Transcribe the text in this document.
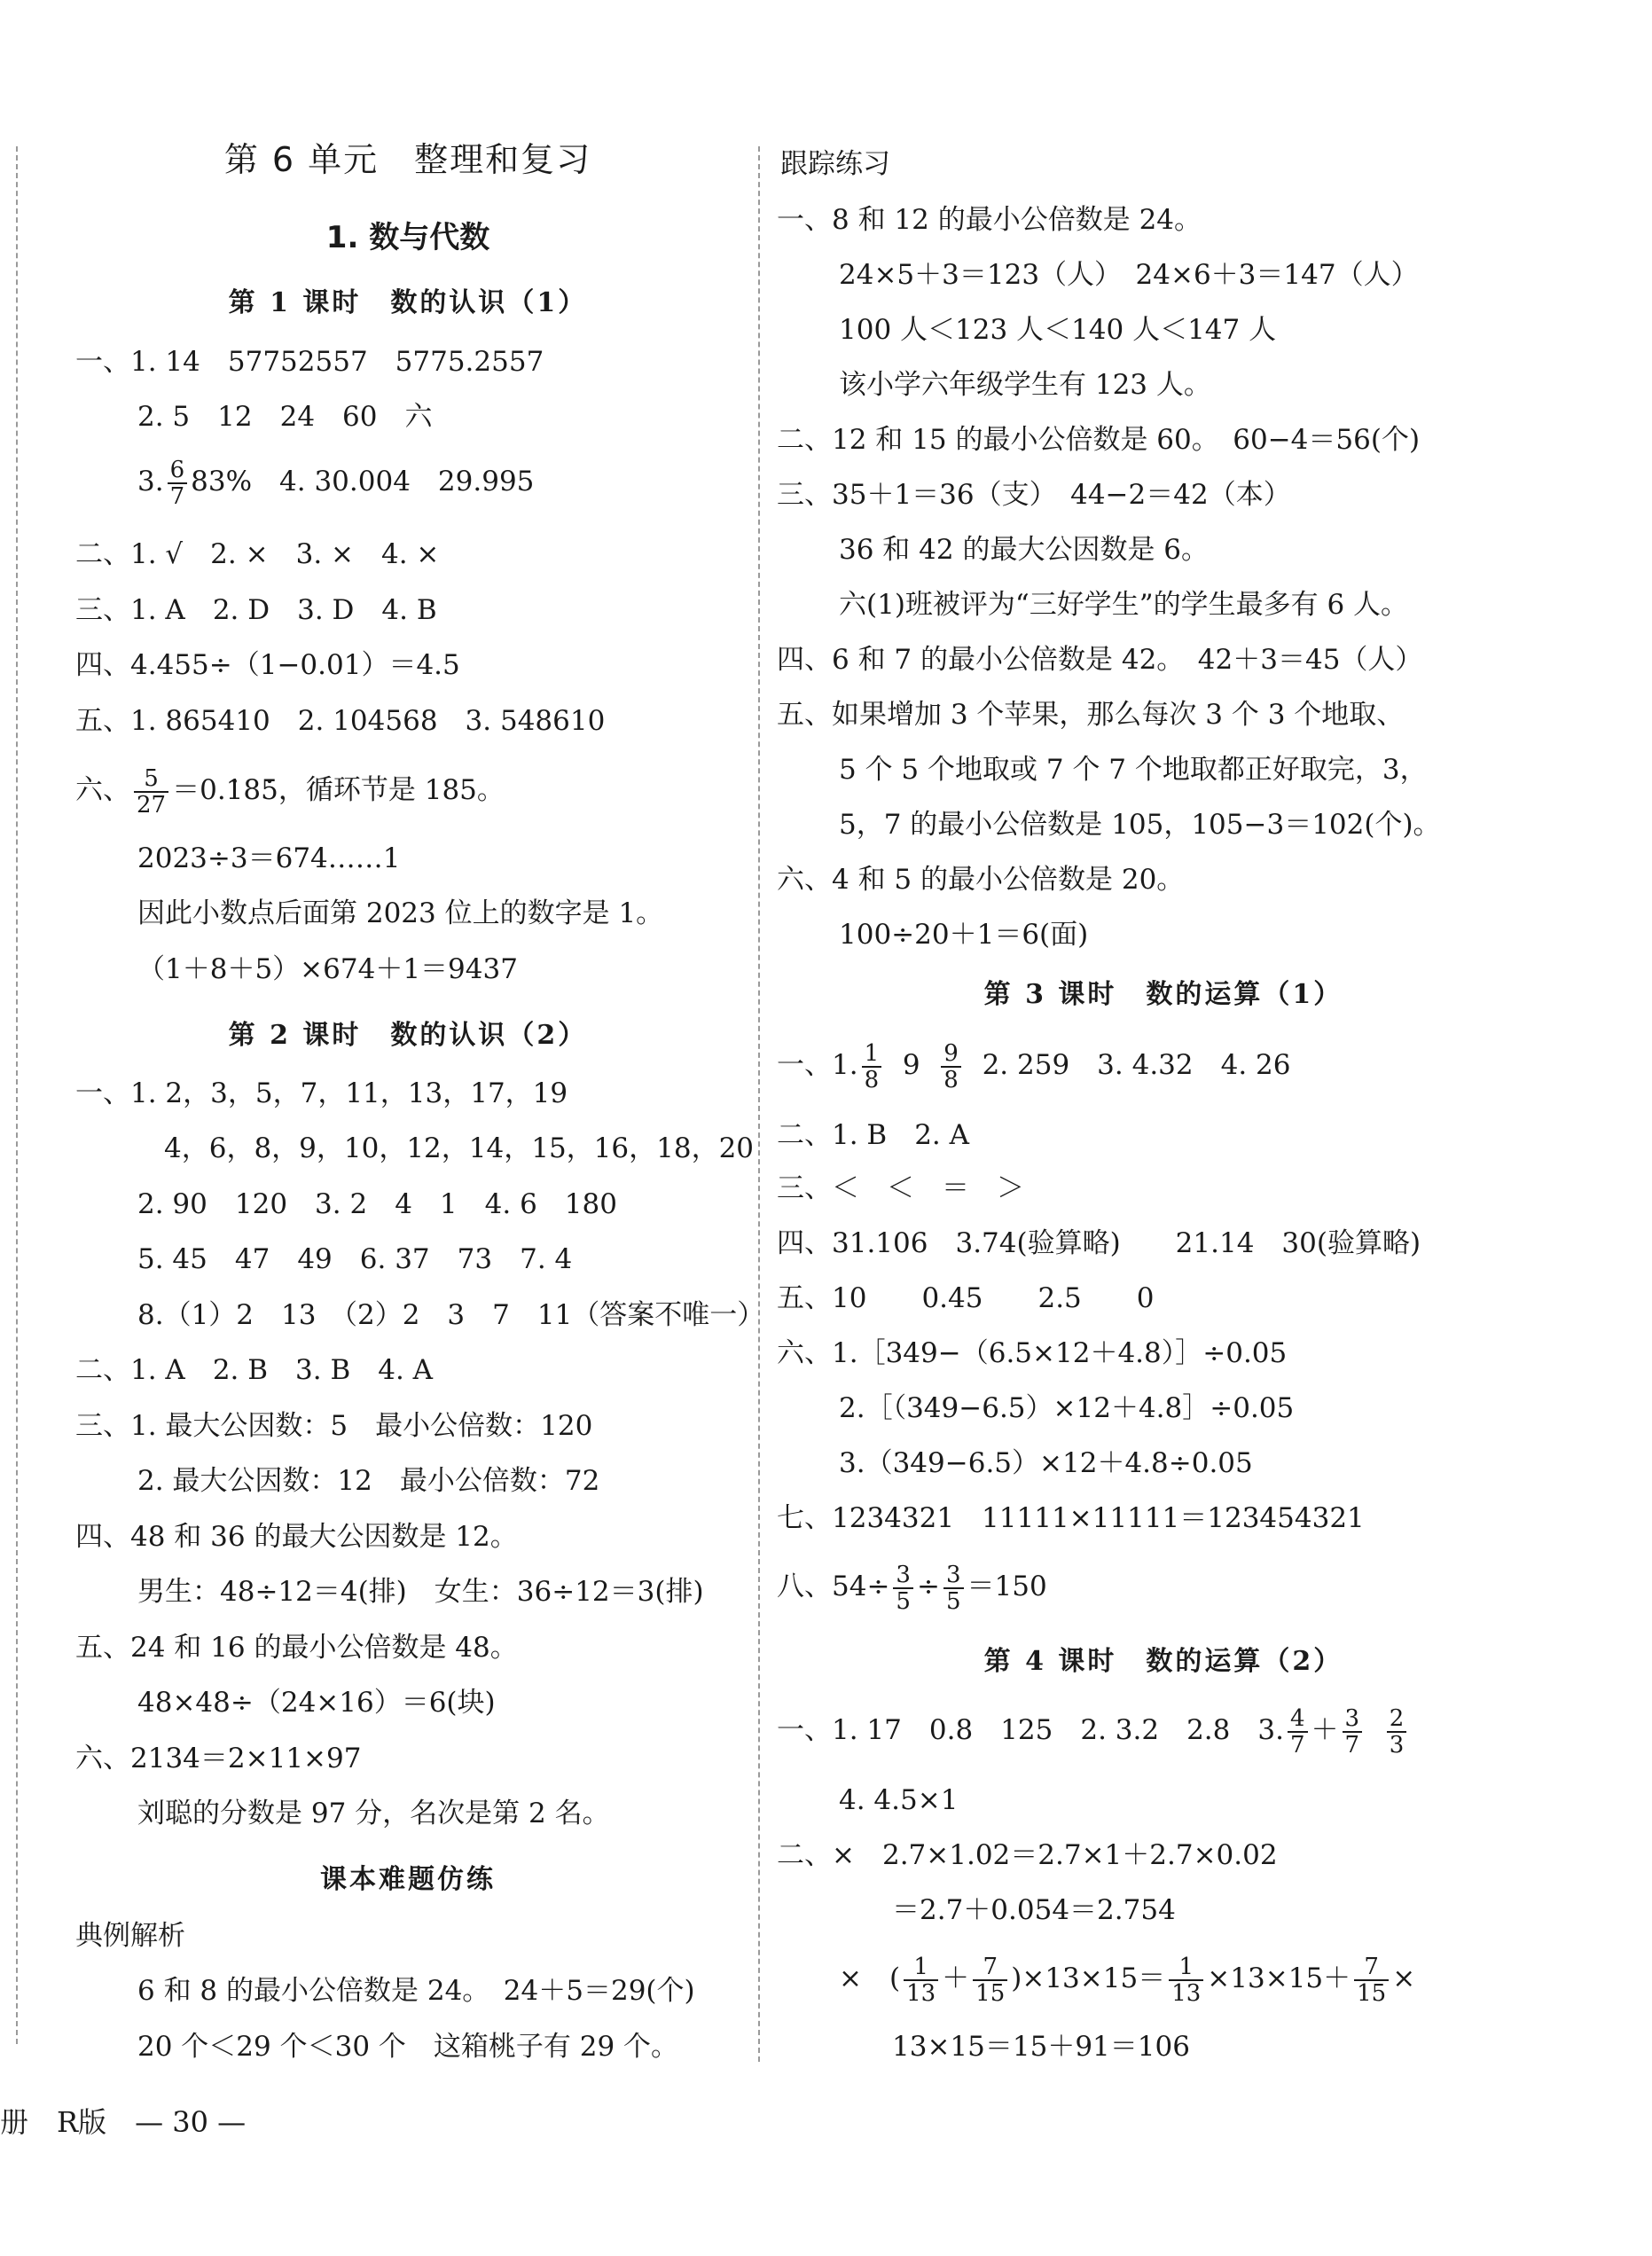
第 6 单元　整理和复习
1. 数与代数
第 1 课时　数的认识（1）
一、1. 14　57752557　5775.2557
2. 5　12　24　60　六
3. $\frac{6}{7} 83\%$　4. 30.004　29.995
二、1. √　2. ×　3. ×　4. ×
三、1. A　2. D　3. D　4. B
四、4.455÷（1−0.01）＝4.5
五、1. 865410　2. 104568　3. 548610
六、 $\frac{5}{27}$ ＝0.• 18• 5，循环节是 185。
2023÷3＝674……1
因此小数点后面第 2023 位上的数字是 1。
（1＋8＋5）×674＋1＝9437
第 2 课时　数的认识（2）
一、1. 2，3，5，7，11，13，17，19
4，6，8，9，10，12，14，15，16，18，20
2. 90　120　3. 2　4　1　4. 6　180
5. 45　47　49　6. 37　73　7. 4
8.（1）2　13　（2）2　3　7　11（答案不唯一）
二、1. A　2. B　3. B　4. A
三、1. 最大公因数：5　最小公倍数：120
2. 最大公因数：12　最小公倍数：72
四、48 和 36 的最大公因数是 12。
男生：48÷12＝4(排)　女生：36÷12＝3(排)
五、24 和 16 的最小公倍数是 48。
48×48÷（24×16）＝6(块)
六、2134＝2×11×97
刘聪的分数是 97 分，名次是第 2 名。
课本难题仿练
典例解析
6 和 8 的最小公倍数是 24。　24＋5＝29(个)
20 个＜29 个＜30 个　这箱桃子有 29 个。
跟踪练习
一、8 和 12 的最小公倍数是 24。
24×5＋3＝123（人）　24×6＋3＝147（人）
100 人＜123 人＜140 人＜147 人
该小学六年级学生有 123 人。
二、12 和 15 的最小公倍数是 60。　60−4＝56(个)
三、35＋1＝36（支）　44−2＝42（本）
36 和 42 的最大公因数是 6。
六(1)班被评为“三好学生”的学生最多有 6 人。
四、6 和 7 的最小公倍数是 42。　42＋3＝45（人）
五、如果增加 3 个苹果，那么每次 3 个 3 个地取、
5 个 5 个地取或 7 个 7 个地取都正好取完，3，
5，7 的最小公倍数是 105，105−3＝102(个)。
六、4 和 5 的最小公倍数是 20。
100÷20＋1＝6(面)
第 3 课时　数的运算（1）
一、1. $\frac{1}{8} 9 \frac{9}{8} 2$. 259　3. 4.32　4. 26
二、1. B　2. A
三、＜　＜　＝　＞
四、31.106　3.74(验算略)　　21.14　30(验算略)
五、10　　0.45　　2.5　　0
六、1.［349−（6.5×12＋4.8）］÷0.05
2.［（349−6.5）×12＋4.8］÷0.05
3.（349−6.5）×12＋4.8÷0.05
七、1234321　11111×11111＝123454321
八、$54\div \frac{3}{5} \div \frac{3}{5} =150$
第 4 课时　数的运算（2）
一、1. 17　0.8　125　2. 3.2　2.8　3. $\frac{4}{7} + \frac{3}{7}$
$\frac{2}{3}$
4. 4.5×1
二、×　2.7×1.02＝2.7×1＋2.7×0.02
＝2.7＋0.054＝2.754
×　( $\frac{1}{13} + \frac{7}{15} )\times 13\times 15= \frac{1}{13} \times 13\times 15+ \frac{7}{15}$ ×
13×15＝15＋91＝106
册　R版　— 30 —
